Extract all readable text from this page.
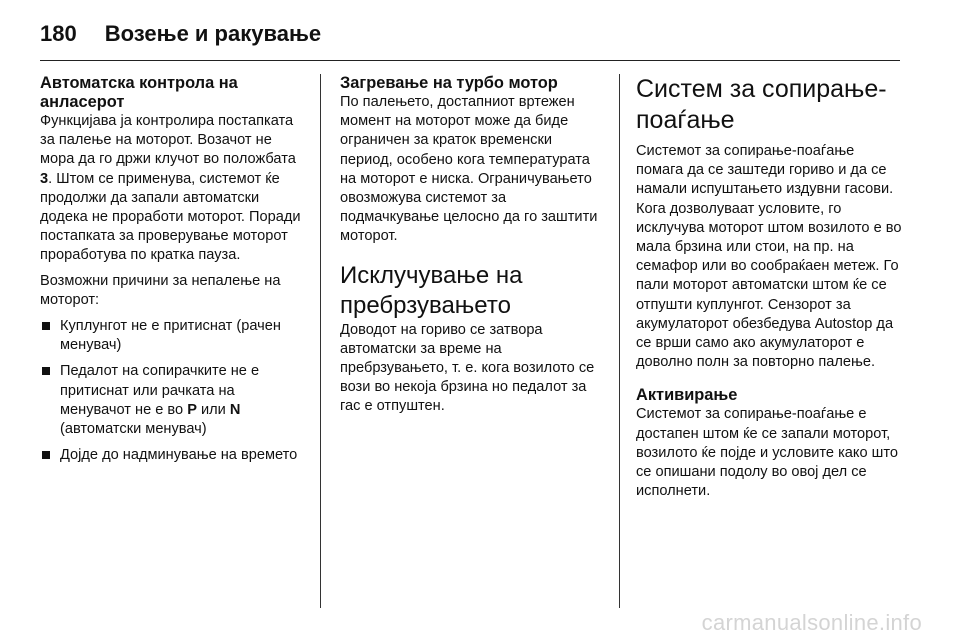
180 Возење и ракување
Автоматска контрола на анласерот

Функцијава ја контролира постапката за палење на моторот. Возачот не мора да го држи клучот во положбата 3. Штом се применува, системот ќе продолжи да запали автоматски додека не проработи моторот. Поради постапката за проверување моторот проработува по кратка пауза.

Возможни причини за непалење на моторот:

Куплунгот не е притиснат (рачен менувач)
Педалот на сопирачките не е притиснат или рачката на менувачот не е во P или N (автоматски менувач)
Дојде до надминување на времето
Загревање на турбо мотор

По палењето, достапниот вртежен момент на моторот може да биде ограничен за краток временски период, особено кога температурата на моторот е ниска. Ограничувањето овозможува системот за подмачкување целосно да го заштити моторот.

Исклучување на пребрзувањето

Доводот на гориво се затвора автоматски за време на пребрзувањето, т. е. кога возилото се вози во некоја брзина но педалот за гас е отпуштен.

Систем за сопирање-поаѓање

Системот за сопирање-поаѓање помага да се заштеди гориво и да се намали испуштањето издувни гасови. Кога дозволуваат условите, го исклучува моторот штом возилото е во мала брзина или стои, на пр. на семафор или во сообраќаен метеж. Го пали моторот автоматски штом ќе се отпушти куплунгот. Сензорот за акумулаторот обезбедува Autostop да се врши само ако акумулаторот е доволно полн за повторно палење.

Активирање

Системот за сопирање-поаѓање е достапен штом ќе се запали моторот, возилото ќе појде и условите како што се опишани подолу во овој дел се исполнети.

carmanualsonline.info
